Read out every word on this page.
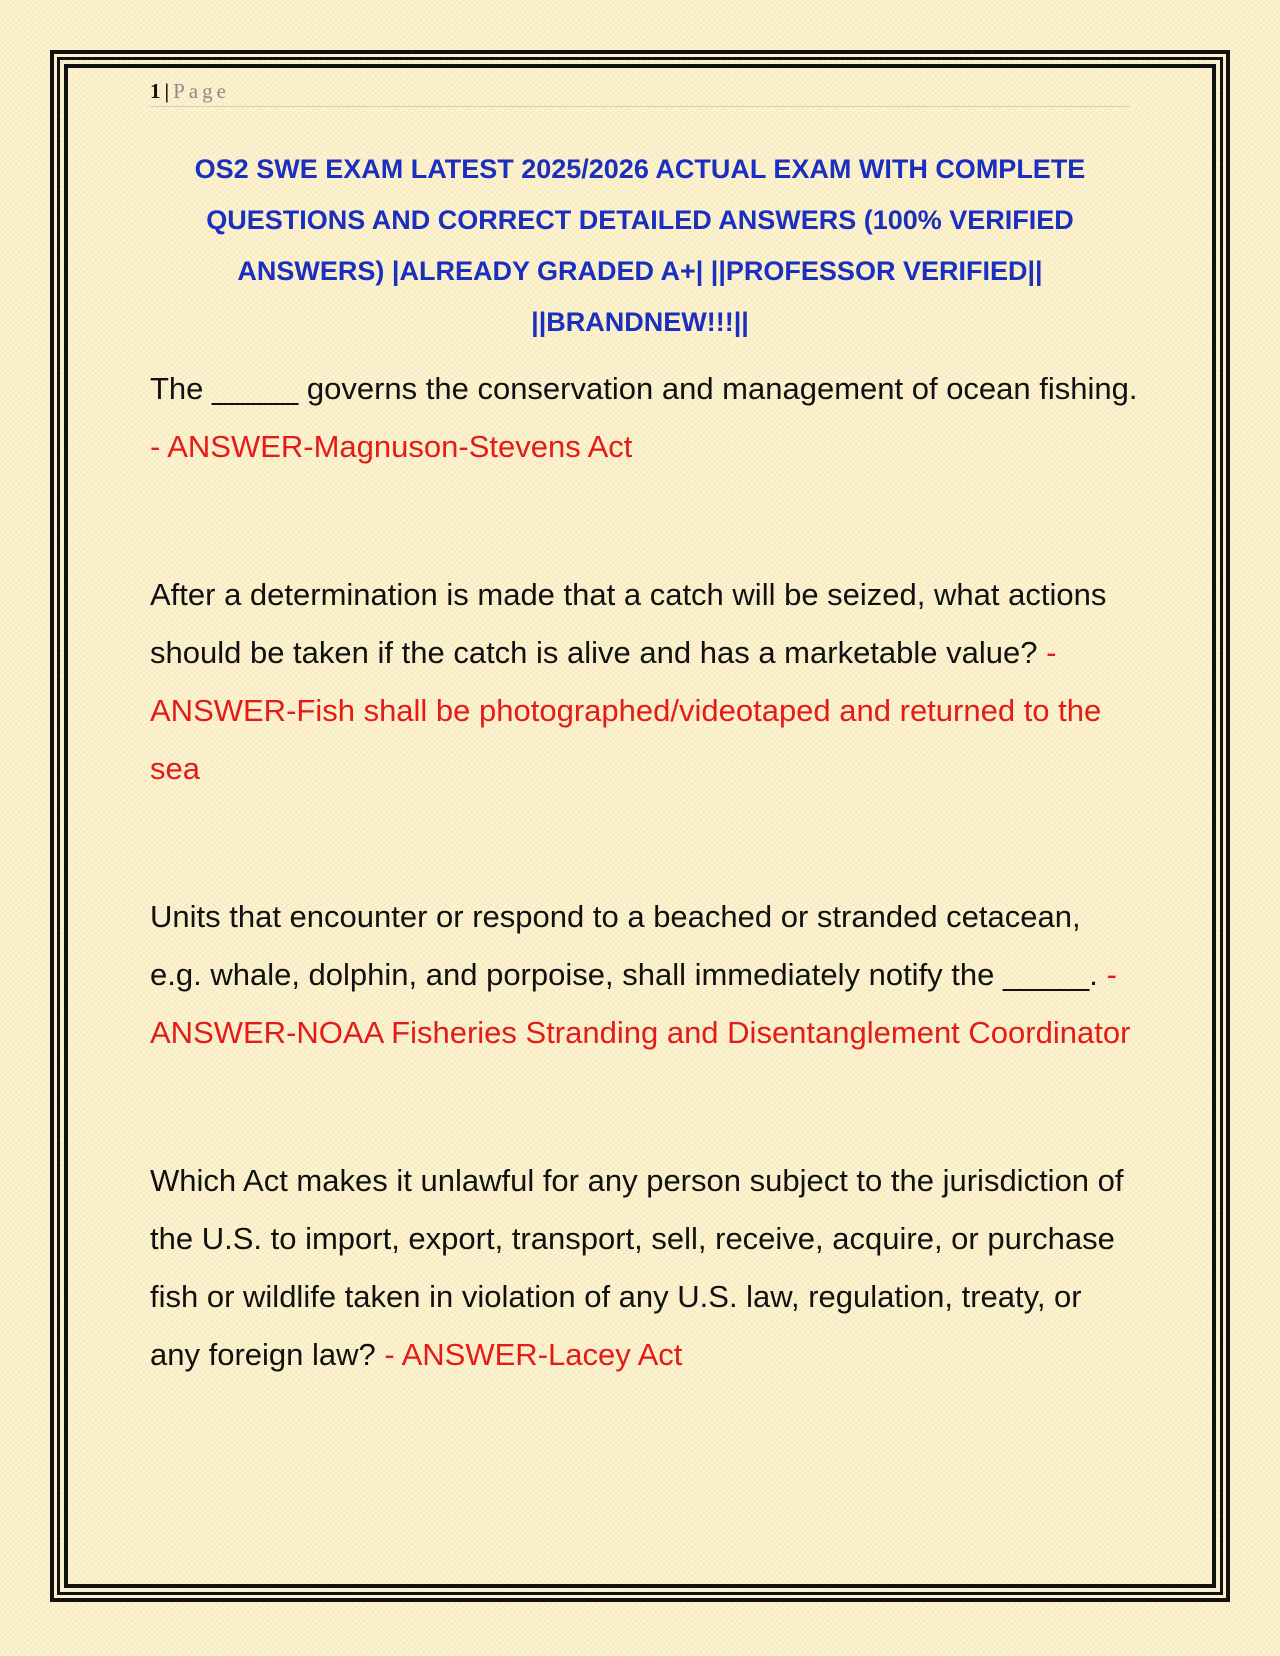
1 | Page
OS2 SWE EXAM LATEST 2025/2026 ACTUAL EXAM WITH COMPLETE QUESTIONS AND CORRECT DETAILED ANSWERS (100% VERIFIED ANSWERS) |ALREADY GRADED A+| ||PROFESSOR VERIFIED|| ||BRANDNEW!!!||

The _____ governs the conservation and management of ocean fishing. - ANSWER-Magnuson-Stevens Act

After a determination is made that a catch will be seized, what actions should be taken if the catch is alive and has a marketable value? - ANSWER-Fish shall be photographed/videotaped and returned to the sea

Units that encounter or respond to a beached or stranded cetacean, e.g. whale, dolphin, and porpoise, shall immediately notify the _____. - ANSWER-NOAA Fisheries Stranding and Disentanglement Coordinator

Which Act makes it unlawful for any person subject to the jurisdiction of the U.S. to import, export, transport, sell, receive, acquire, or purchase fish or wildlife taken in violation of any U.S. law, regulation, treaty, or any foreign law? - ANSWER-Lacey Act
